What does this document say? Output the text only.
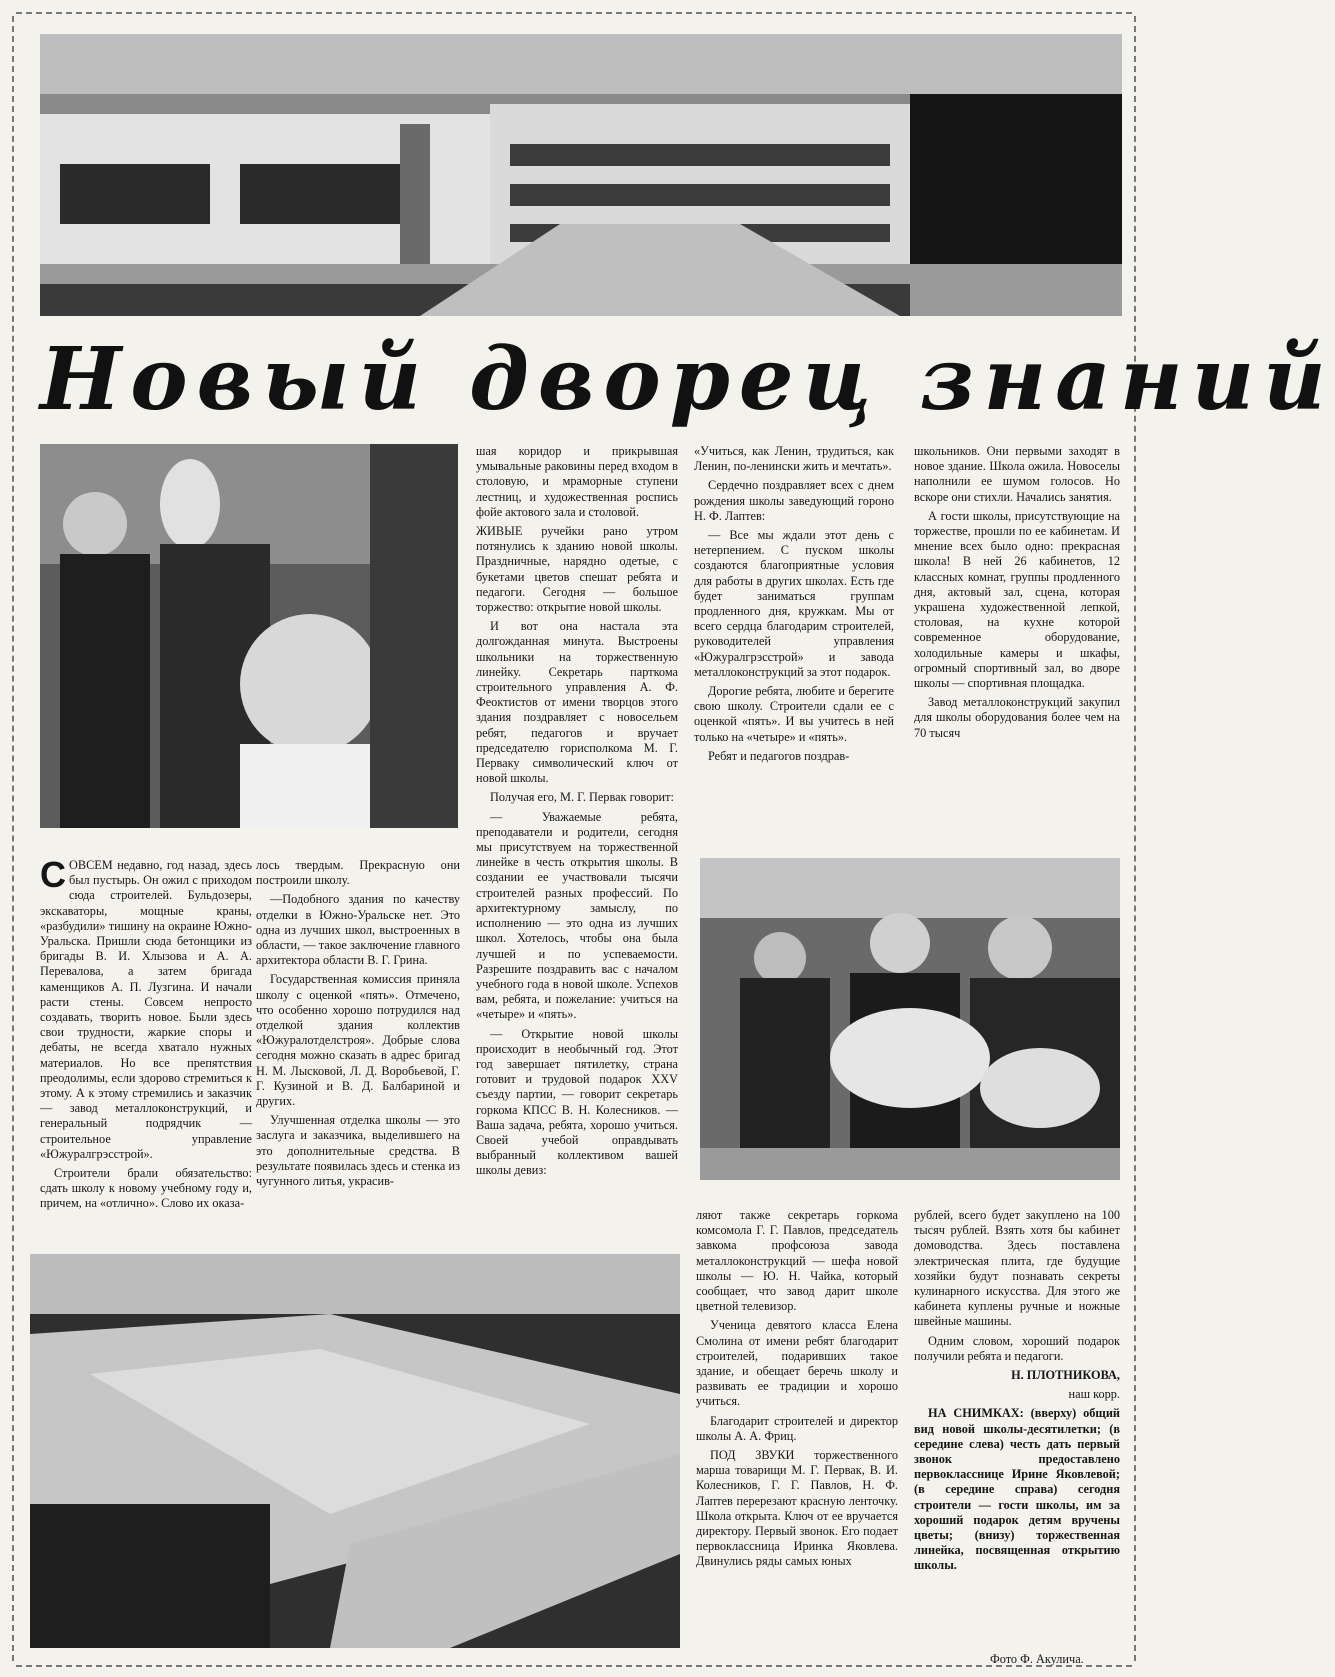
Новый дворец знаний

СОВСЕМ недавно, год назад, здесь был пустырь. Он ожил с приходом сюда строителей. Бульдозеры, экскаваторы, мощные краны, «разбудили» тишину на окраине Южно-Уральска. Пришли сюда бетонщики из бригады В. И. Хлызова и А. А. Перевалова, а затем бригада каменщиков А. П. Лузгина. И начали расти стены. Совсем непросто создавать, творить новое. Были здесь свои трудности, жаркие споры и дебаты, не всегда хватало нужных материалов. Но все препятствия преодолимы, если здорово стремиться к этому. А к этому стремились и заказчик — завод металлоконструкций, и генеральный подрядчик — строительное управление «Южуралгрэсстрой».

Строители брали обязательство: сдать школу к новому учебному году и, причем, на «отлично». Слово их оказа-

лось твердым. Прекрасную они построили школу.

—Подобного здания по качеству отделки в Южно-Уральске нет. Это одна из лучших школ, выстроенных в области, — такое заключение главного архитектора области В. Г. Грина.

Государственная комиссия приняла школу с оценкой «пять». Отмечено, что особенно хорошо потрудился над отделкой здания коллектив «Южуралотделстроя». Добрые слова сегодня можно сказать в адрес бригад Н. М. Лысковой, Л. Д. Воробьевой, Г. Г. Кузиной и В. Д. Балбариной и других.

Улучшенная отделка школы — это заслуга и заказчика, выделившего на это дополнительные средства. В результате появилась здесь и стенка из чугунного литья, украсив-

шая коридор и прикрывшая умывальные раковины перед входом в столовую, и мраморные ступени лестниц, и художественная роспись фойе актового зала и столовой.

ЖИВЫЕ ручейки рано утром потянулись к зданию новой школы. Праздничные, нарядно одетые, с букетами цветов спешат ребята и педагоги. Сегодня — большое торжество: открытие новой школы.

И вот она настала эта долгожданная минута. Выстроены школьники на торжественную линейку. Секретарь парткома строительного управления А. Ф. Феоктистов от имени творцов этого здания поздравляет с новосельем ребят, педагогов и вручает председателю горисполкома М. Г. Перваку символический ключ от новой школы.

Получая его, М. Г. Первак говорит:

— Уважаемые ребята, преподаватели и родители, сегодня мы присутствуем на торжественной линейке в честь открытия школы. В создании ее участвовали тысячи строителей разных профессий. По архитектурному замыслу, по исполнению — это одна из лучших школ. Хотелось, чтобы она была лучшей и по успеваемости. Разрешите поздравить вас с началом учебного года в новой школе. Успехов вам, ребята, и пожелание: учиться на «четыре» и «пять».

— Открытие новой школы происходит в необычный год. Этот год завершает пятилетку, страна готовит и трудовой подарок XXV съезду партии, — говорит секретарь горкома КПСС В. Н. Колесников. — Ваша задача, ребята, хорошо учиться. Своей учебой оправдывать выбранный коллективом вашей школы девиз:

«Учиться, как Ленин, трудиться, как Ленин, по-ленински жить и мечтать».

Сердечно поздравляет всех с днем рождения школы заведующий гороно Н. Ф. Лаптев:

— Все мы ждали этот день с нетерпением. С пуском школы создаются благоприятные условия для работы в других школах. Есть где будет заниматься группам продленного дня, кружкам. Мы от всего сердца благодарим строителей, руководителей управления «Южуралгрэсстрой» и завода металлоконструкций за этот подарок.

Дорогие ребята, любите и берегите свою школу. Строители сдали ее с оценкой «пять». И вы учитесь в ней только на «четыре» и «пять».

Ребят и педагогов поздрав-

школьников. Они первыми заходят в новое здание. Школа ожила. Новоселы наполнили ее шумом голосов. Но вскоре они стихли. Начались занятия.

А гости школы, присутствующие на торжестве, прошли по ее кабинетам. И мнение всех было одно: прекрасная школа! В ней 26 кабинетов, 12 классных комнат, группы продленного дня, актовый зал, сцена, которая украшена художественной лепкой, столовая, на кухне которой современное оборудование, холодильные камеры и шкафы, огромный спортивный зал, во дворе школы — спортивная площадка.

Завод металлоконструкций закупил для школы оборудования более чем на 70 тысяч

ляют также секретарь горкома комсомола Г. Г. Павлов, председатель завкома профсоюза завода металлоконструкций — шефа новой школы — Ю. Н. Чайка, который сообщает, что завод дарит школе цветной телевизор.

Ученица девятого класса Елена Смолина от имени ребят благодарит строителей, подаривших такое здание, и обещает беречь школу и развивать ее традиции и хорошо учиться.

Благодарит строителей и директор школы А. А. Фриц.

ПОД ЗВУКИ торжественного марша товарищи М. Г. Первак, В. И. Колесников, Г. Г. Павлов, Н. Ф. Лаптев перерезают красную ленточку. Школа открыта. Ключ от ее вручается директору. Первый звонок. Его подает первоклассница Иринка Яковлева. Двинулись ряды самых юных

рублей, всего будет закуплено на 100 тысяч рублей. Взять хотя бы кабинет домоводства. Здесь поставлена электрическая плита, где будущие хозяйки будут познавать секреты кулинарного искусства. Для этого же кабинета куплены ручные и ножные швейные машины.

Одним словом, хороший подарок получили ребята и педагоги.

Н. ПЛОТНИКОВА,

наш корр.

НА СНИМКАХ: (вверху) общий вид новой школы-десятилетки; (в середине слева) честь дать первый звонок предоставлено первокласснице Ирине Яковлевой; (в середине справа) сегодня строители — гости школы, им за хороший подарок детям вручены цветы; (внизу) торжественная линейка, посвященная открытию школы.

Фото Ф. Акулича.
